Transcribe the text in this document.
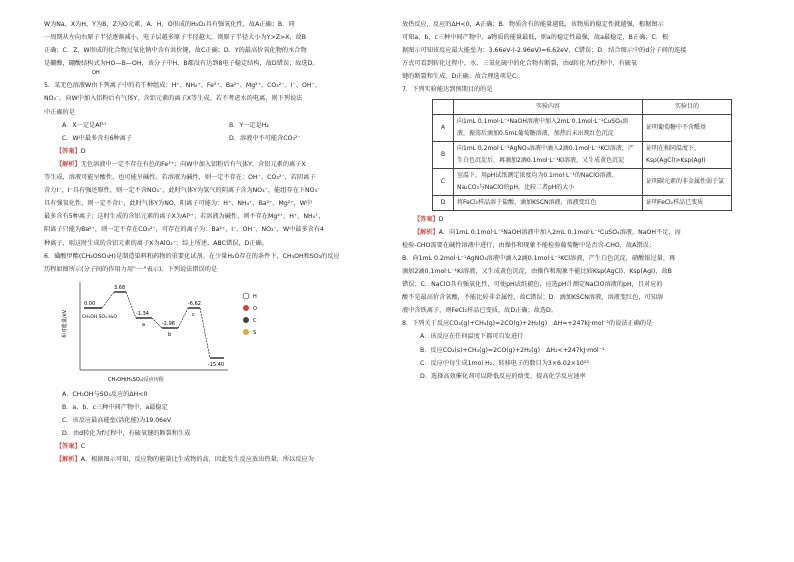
W为Na，X为H，Y为B，Z为O元素，A．H、O形成的H₂O₂具有强氧化性，故A正确；B．同

一周期从左向右原子半径逐渐减小，电子层越多原子半径越大，则原子半径大小为Y>Z>X，故B

正确；C．Z、W形成的化合物过氧化钠中含有共价键，故C正确；D．Y的最高价氧化物的水合物

是硼酸，硼酸结构式为HO—B—OH，该分子中H、B都没有达到8电子稳定结构，故D错误；故选D。

OH

5．某无色溶液W由下列离子中的若干种组成：H⁺、NH₄⁺、Fe³⁺、Ba²⁺、Mg²⁺、CO₃²⁻、I⁻、OH⁻、

NO₃⁻。向W中加入铝粉后有气体Y、含铝元素的离子X等生成。若不考虑水的电离，则下列说法

中正确的是

A．X一定是Al³⁺	B．Y一定是H₂
C．W中最多含有6种离子	D．溶液中不可能含CO₃²⁻

【答案】D

【解析】无色溶液中一定不存在有色的Fe³⁺；向W中加入铝粉后有气体Y、含铝元素的离子X

等生成，溶液可能呈酸性，也可能呈碱性。若溶液为碱性，则一定不存在：OH⁻、CO₃²⁻，若阴离子

含力I⁻，I⁻具有强还原性，则一定不含NO₃⁻，此时气体Y为氢气的阴离子含为NO₃⁻，能组存在下NO₃⁻

具有强氧化性，则一定不含I⁻，此时气体Y为NO，阳离子可能为：H⁺、NH₄⁺、Ba²⁺、Mg²⁺，W中

最多含有5种离子；这时生成的含铝元素的离子X为Al³⁺；若溶液为碱性，则不存在Mg²⁺、H⁺、NH₄⁺，

阳离子只能为Ba²⁺，则一定不存在CO₃²⁻，可存在的离子为：Ba²⁺、I⁻、OH⁻、NO₃⁻，W中最多含有4

种离子，则这时生成的含铝元素的离子X为AlO₂⁻；综上所述，ABC错误，D正确。

6．磺酸甲酯(CH₃OSO₃H)是制造染料和药物的重要化试剂。在少量H₂O存在的条件下，CH₃OH和SO₃的反应

历程如图所示(分子间的作用力用"····"表示)。下列说法错误的是

相对能量/eV
CH₃OH(H₂SO₄)反应历程
0.00
3.68
-1.34
-2.96
-6.62
-15.40
CH₃OH SO₃ H₂O
a
b
c
H
O
C
S

A．CH₃OH与SO₃反应的ΔH<0

B．a、b、c三种中间产物中，a最稳定

C．该反应最高能垒(活化能)为19.06eV

D．由d转化为f过程中，有硫氧键的断裂和生成

【答案】C

【解析】A．根据图示可知，反应物的能量比生成物的高，因此发生反应放出热量，所以反应为

放热反应，反应的ΔH<0，A正确；B．物质含有的能量越低，该物质的稳定性就越强，根据图示

可知a、b、c三种中间产物中，a物质的能量最低，则a的稳定性最强，故a最稳定，B正确；C．根

据图示可知该反应最大能垒为：3.66eV-(-2.96eV)=6.62eV，C错误；D．结合图示中的d分子间的连接

方式可看到转化过程中，水、三氧化硫中的化合物有断裂，由d转化为f过程中，有硫氧

键的断裂和生成，D正确；故合理选项是C。

7．下列实验能达到预期目的的是

	实验内容	实验目的
A	向1mL 0.1mol·L⁻¹NaOH溶液中加入2mL 0.1mol·L⁻¹CuSO₄溶液，振荡后滴加0.5mL葡萄糖溶液，加热后未出现红色沉淀	证明葡萄糖中不含醛基
B	向1mL 0.2mol·L⁻¹AgNO₃溶液中滴入2滴0.1mol·L⁻¹KCl溶液，产生白色沉淀后，再滴加2滴0.1mol·L⁻¹KI溶液，又生成黄色沉淀	证明在相同温度下，Ksp(AgCl)>Ksp(AgI)
C	室温下，用pH试纸测定浓度均为0.1mol·L⁻¹的NaClO溶液、Na₂CO₃与NaClO的pH，比较二者pH的大小	证明碳元素的非金属性弱于氯
D	将FeCl₂样品溶于盐酸，滴加KSCN溶液，溶液变红色	证明FeCl₂样品已变质

【答案】D

【解析】A．向1mL 0.1mol·L⁻¹NaOH溶液中加入2mL 0.1mol·L⁻¹CuSO₄溶液，NaOH不足，而

检验-CHO需要在碱性溶液中进行，由操作和现象不能检验葡萄糖中是否含-CHO，故A错误；

B．向1mL 0.2mol·L⁻¹AgNO₃溶液中滴入2滴0.1mol·L⁻¹KCl溶液，产生白色沉淀，硝酸银过量，再

滴加2滴0.1mol·L⁻¹KI溶液，又生成黄色沉淀，由操作和现象不能比较Ksp(AgCl)、Ksp(AgI)，故B

错误；C．NaClO具有强氧化性，可使pH试纸褪色，应选pH计测定NaClO溶液的pH，且对应的

酸不是最高价含氧酸，不能比较非金属性，故C错误；D．滴加KSCN溶液，溶液变红色，可知溶

液中含铁离子，则FeCl₂样品已变质，故D正确；故选D。

8．下列关于反应CO₂(g)+CH₄(g)=2CO(g)+2H₂(g)　ΔH=+247kJ·mol⁻¹的说法正确的是

A．该反应在任何温度下都可自发进行

B．反应CO₂(s)+CH₄(g)=2CO(g)+2H₂(g)　ΔH₁<+247kJ·mol⁻¹

C．反应中每生成1mol H₂，转移电子的数目为3×6.02×10²³

D．选择高效催化剂可以降低反应的焓变，提高化学反应速率
